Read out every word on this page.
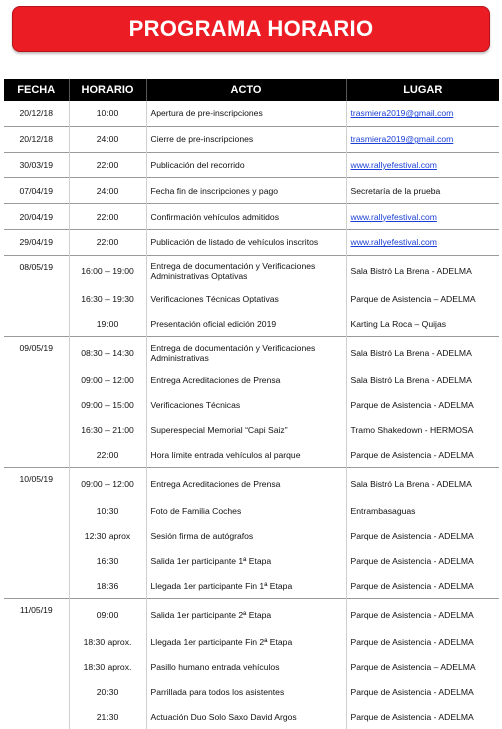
PROGRAMA HORARIO
FECHA	HORARIO	ACTO	LUGAR
20/12/18	10:00	Apertura de pre-inscripciones	trasmiera2019@gmail.com
20/12/18	24:00	Cierre de pre-inscripciones	trasmiera2019@gmail.com
30/03/19	22:00	Publicación del recorrido	www.rallyefestival.com
07/04/19	24:00	Fecha fin de inscripciones y pago	Secretaría de la prueba
20/04/19	22:00	Confirmación vehículos admitidos	www.rallyefestival.com
29/04/19	22:00	Publicación de listado de vehículos inscritos	www.rallyefestival.com
08/05/19	16:00 – 19:00	Entrega de documentación y Verificaciones Administrativas Optativas	Sala Bistró La Brena - ADELMA
	16:30 – 19:30	Verificaciones Técnicas Optativas	Parque de Asistencia – ADELMA
	19:00	Presentación oficial edición 2019	Karting La Roca – Quijas
09/05/19	08:30 – 14:30	Entrega de documentación y Verificaciones Administrativas	Sala Bistró La Brena - ADELMA
	09:00 – 12:00	Entrega Acreditaciones de Prensa	Sala Bistró La Brena - ADELMA
	09:00 – 15:00	Verificaciones Técnicas	Parque de Asistencia - ADELMA
	16:30 – 21:00	Superespecial Memorial “Capi Saiz”	Tramo Shakedown - HERMOSA
	22:00	Hora límite entrada vehículos al parque	Parque de Asistencia - ADELMA
10/05/19	09:00 – 12:00	Entrega Acreditaciones de Prensa	Sala Bistró La Brena - ADELMA
	10:30	Foto de Familia Coches	Entrambasaguas
	12:30 aprox	Sesión firma de autógrafos	Parque de Asistencia - ADELMA
	16:30	Salida 1er participante 1ª Etapa	Parque de Asistencia - ADELMA
	18:36	Llegada 1er participante Fin 1ª Etapa	Parque de Asistencia - ADELMA
11/05/19	09:00	Salida 1er participante 2ª Etapa	Parque de Asistencia - ADELMA
	18:30 aprox.	Llegada 1er participante Fin 2ª Etapa	Parque de Asistencia - ADELMA
	18:30 aprox.	Pasillo humano entrada vehículos	Parque de Asistencia – ADELMA
	20:30	Parrillada para todos los asistentes	Parque de Asistencia - ADELMA
	21:30	Actuación Duo Solo Saxo David Argos	Parque de Asistencia - ADELMA
